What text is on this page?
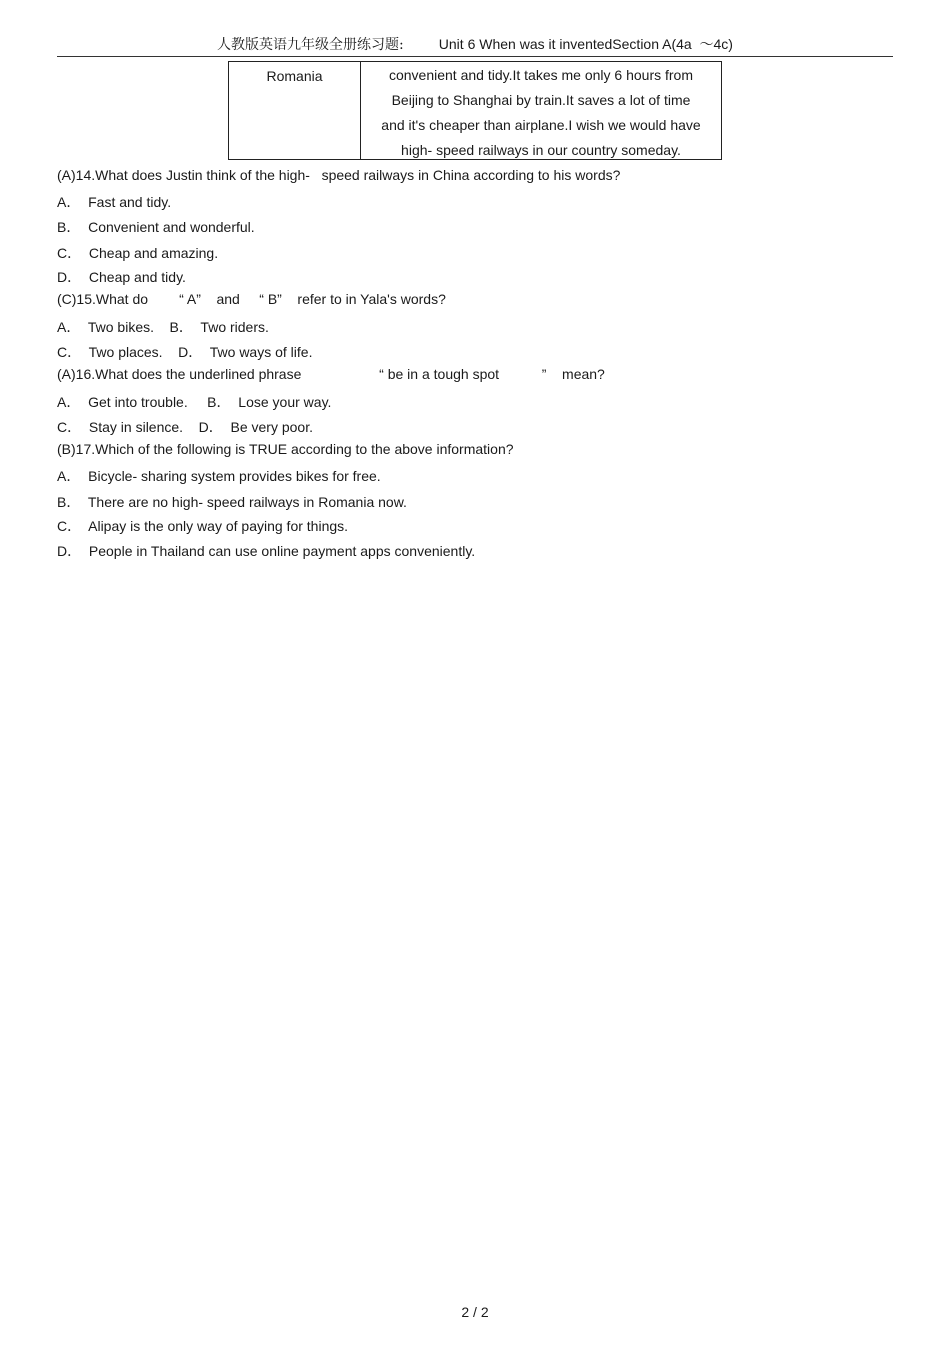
人教版英语九年级全册练习题:	Unit 6 When was it inventedSection A(4a  ～4c)
Romania	convenient and tidy.It takes me only 6 hours from
Beijing to Shanghai by train.It saves a lot of time
and it's cheaper than airplane.I wish we would have
high- speed railways in our country someday.
(A)14.What does Justin think of the high-   speed railways in China according to his words?
A．  Fast and tidy.
B．  Convenient and wonderful.
C．  Cheap and amazing.
D．  Cheap and tidy.
(C)15.What do        “ A”    and     “ B”    refer to in Yala's words?
A．  Two bikes.    B．  Two riders.
C．  Two places.    D．  Two ways of life.
(A)16.What does the underlined phrase                    “ be in a tough spot           ”    mean?
A．  Get into trouble.     B．  Lose your way.
C．  Stay in silence.    D．  Be very poor.
(B)17.Which of the following is TRUE according to the above information?
A．  Bicycle- sharing system provides bikes for free.
B．  There are no high- speed railways in Romania now.
C．  Alipay is the only way of paying for things.
D．  People in Thailand can use online payment apps conveniently.
2 / 2
